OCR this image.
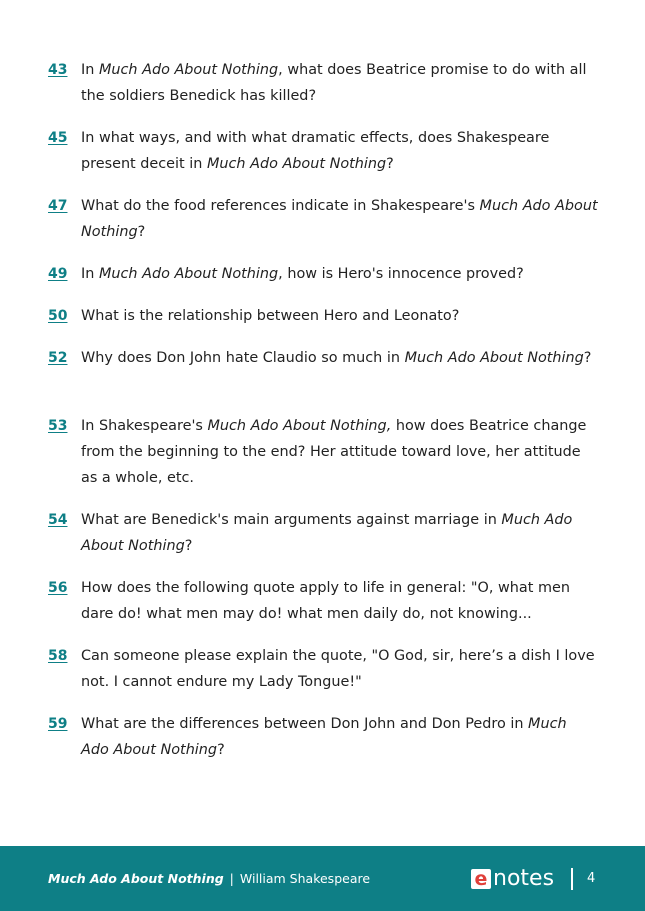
43 In Much Ado About Nothing, what does Beatrice promise to do with all the soldiers Benedick has killed?
45 In what ways, and with what dramatic effects, does Shakespeare present deceit in Much Ado About Nothing?
47 What do the food references indicate in Shakespeare's Much Ado About Nothing?
49 In Much Ado About Nothing, how is Hero's innocence proved?
50 What is the relationship between Hero and Leonato?
52 Why does Don John hate Claudio so much in Much Ado About Nothing?
53 In Shakespeare's Much Ado About Nothing, how does Beatrice change from the beginning to the end? Her attitude toward love, her attitude as a whole, etc.
54 What are Benedick's main arguments against marriage in Much Ado About Nothing?
56 How does the following quote apply to life in general: "O, what men dare do! what men may do! what men daily do, not knowing...
58 Can someone please explain the quote, "O God, sir, here’s a dish I love not. I cannot endure my Lady Tongue!"
59 What are the differences between Don John and Don Pedro in Much Ado About Nothing?
Much Ado About Nothing | William Shakespeare	e notes	4
